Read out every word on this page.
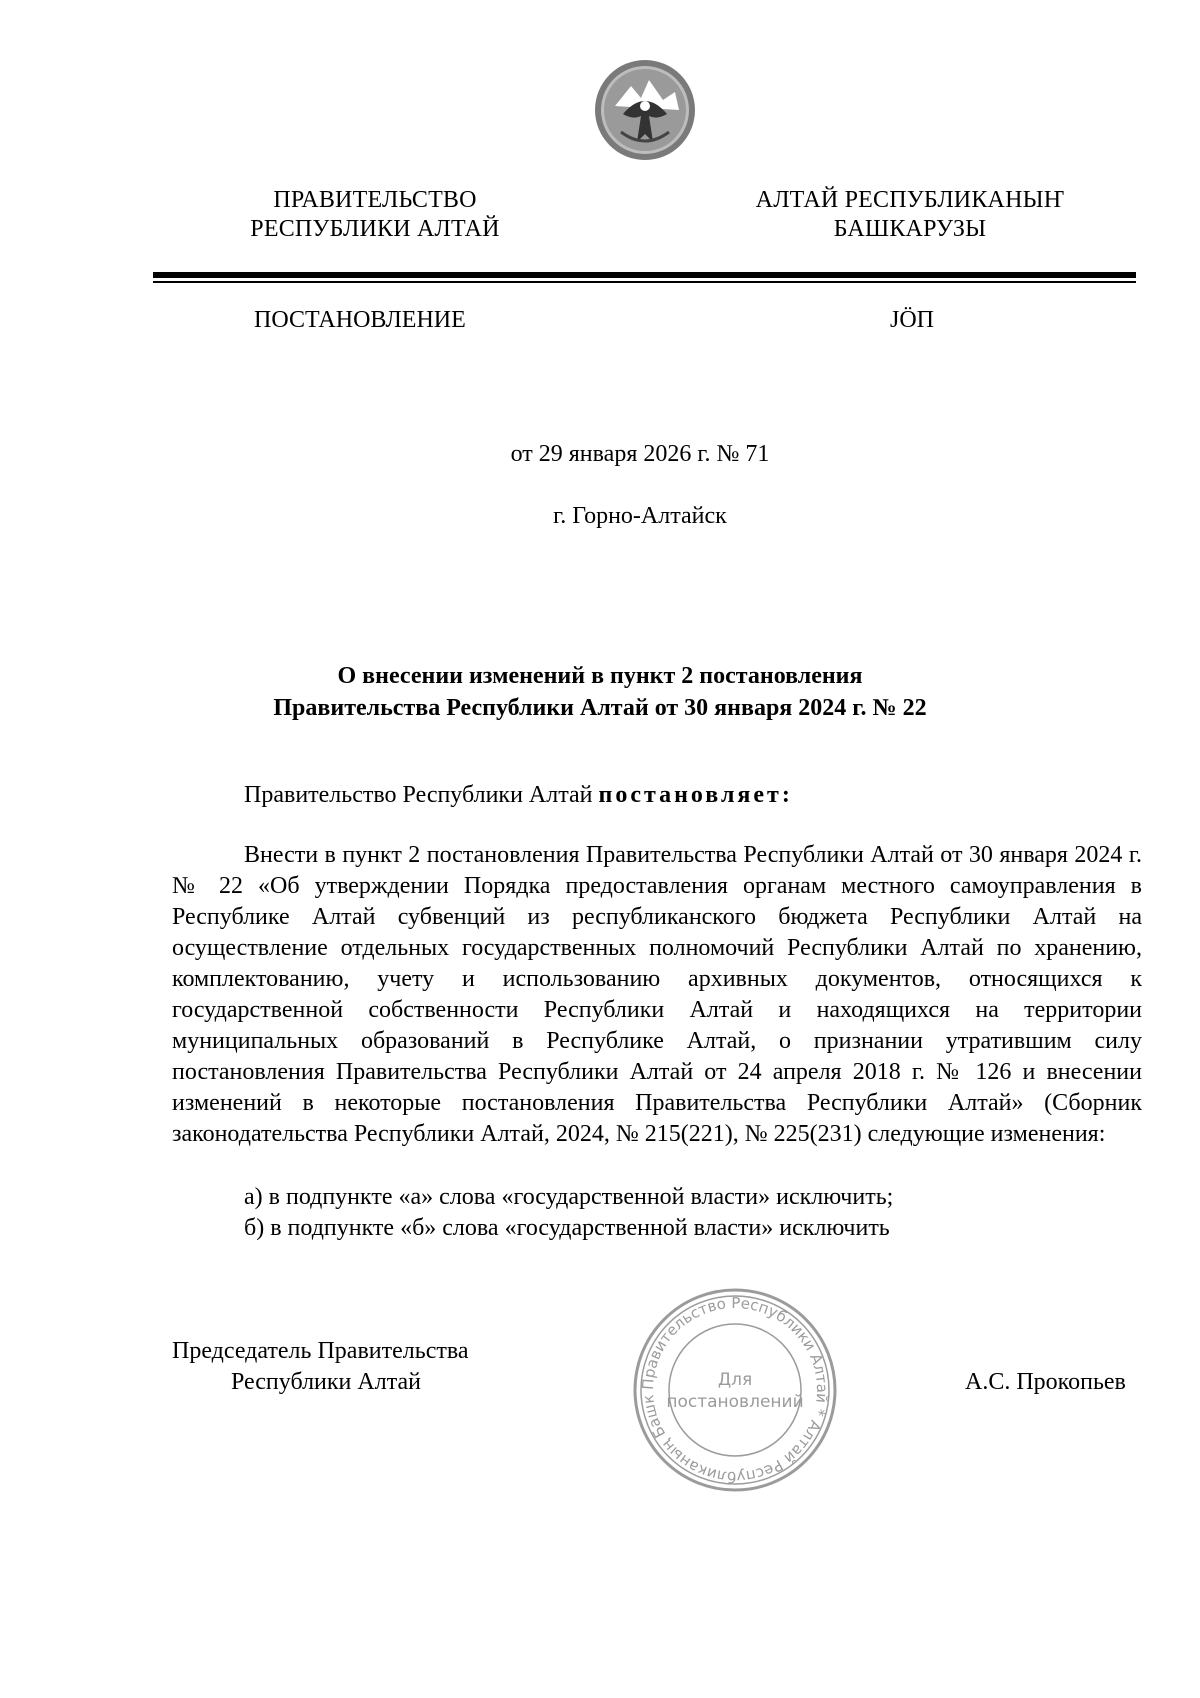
ПРАВИТЕЛЬСТВО
РЕСПУБЛИКИ АЛТАЙ
АЛТАЙ РЕСПУБЛИКАНЫҤ
БАШКАРУЗЫ
ПОСТАНОВЛЕНИЕ	JÖП
от 29 января 2026 г. № 71
г. Горно-Алтайск
О внесении изменений в пункт 2 постановления
Правительства Республики Алтай от 30 января 2024 г. № 22
Правительство Республики Алтай постановляет:
Внести в пункт 2 постановления Правительства Республики Алтай от 30 января 2024 г. № 22 «Об утверждении Порядка предоставления органам местного самоуправления в Республике Алтай субвенций из республиканского бюджета Республики Алтай на осуществление отдельных государственных полномочий Республики Алтай по хранению, комплектованию, учету и использованию архивных документов, относящихся к государственной собственности Республики Алтай и находящихся на территории муниципальных образований в Республике Алтай, о признании утратившим силу постановления Правительства Республики Алтай от 24 апреля 2018 г. № 126 и внесении изменений в некоторые постановления Правительства Республики Алтай» (Сборник законодательства Республики Алтай, 2024, № 215(221), № 225(231) следующие изменения:
а) в подпункте «а» слова «государственной власти» исключить;
б) в подпункте «б» слова «государственной власти» исключить
Председатель Правительства
Республики Алтай	А.С. Прокопьев
Правительство Республики Алтай * Алтай Республиканың Башк
Для
постановлений
